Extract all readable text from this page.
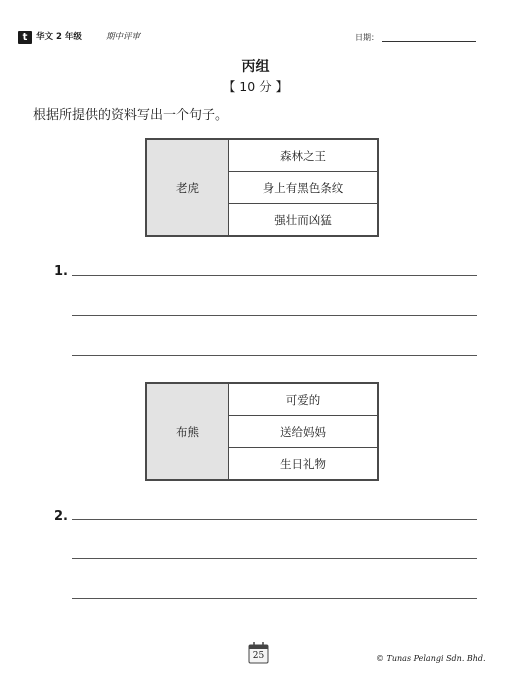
t	华文 2 年级	期中评审	日期：
丙组
【 10 分 】
根据所提供的资料写出一个句子。
老虎	森林之王
身上有黑色条纹
强壮而凶猛
1.
布熊	可爱的
送给妈妈
生日礼物
2.
25	© Tunas Pelangi Sdn. Bhd.
